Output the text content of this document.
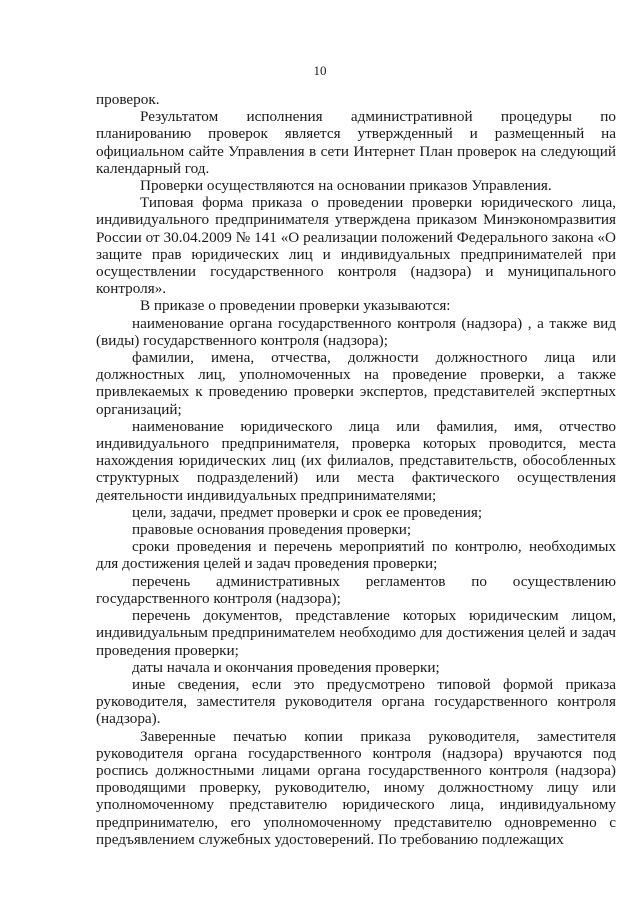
10

проверок.

Результатом исполнения административной процедуры по планированию проверок является утвержденный и размещенный на официальном сайте Управления в сети Интернет План проверок на следующий календарный год.

Проверки осуществляются на основании приказов Управления.

Типовая форма приказа о проведении проверки юридического лица, индивидуального предпринимателя утверждена приказом Минэкономразвития России от 30.04.2009 № 141 «О реализации положений Федерального закона «О защите прав юридических лиц и индивидуальных предпринимателей при осуществлении государственного контроля (надзора) и муниципального контроля».

В приказе о проведении проверки указываются:

наименование органа государственного контроля (надзора) , а также вид (виды) государственного контроля (надзора);

фамилии, имена, отчества, должности должностного лица или должностных лиц, уполномоченных на проведение проверки, а также привлекаемых к проведению проверки экспертов, представителей экспертных организаций;

наименование юридического лица или фамилия, имя, отчество индивидуального предпринимателя, проверка которых проводится, места нахождения юридических лиц (их филиалов, представительств, обособленных структурных подразделений) или места фактического осуществления деятельности индивидуальных предпринимателями;

цели, задачи, предмет проверки и срок ее проведения;

правовые основания проведения проверки;

сроки проведения и перечень мероприятий по контролю, необходимых для достижения целей и задач проведения проверки;

перечень административных регламентов по осуществлению государственного контроля (надзора);

перечень документов, представление которых юридическим лицом, индивидуальным предпринимателем необходимо для достижения целей и задач проведения проверки;

даты начала и окончания проведения проверки;

иные сведения, если это предусмотрено типовой формой приказа руководителя, заместителя руководителя органа государственного контроля (надзора).

Заверенные печатью копии приказа руководителя, заместителя руководителя органа государственного контроля (надзора) вручаются под роспись должностными лицами органа государственного контроля (надзора) проводящими проверку, руководителю, иному должностному лицу или уполномоченному представителю юридического лица, индивидуальному предпринимателю, его уполномоченному представителю одновременно с предъявлением служебных удостоверений. По требованию подлежащих
